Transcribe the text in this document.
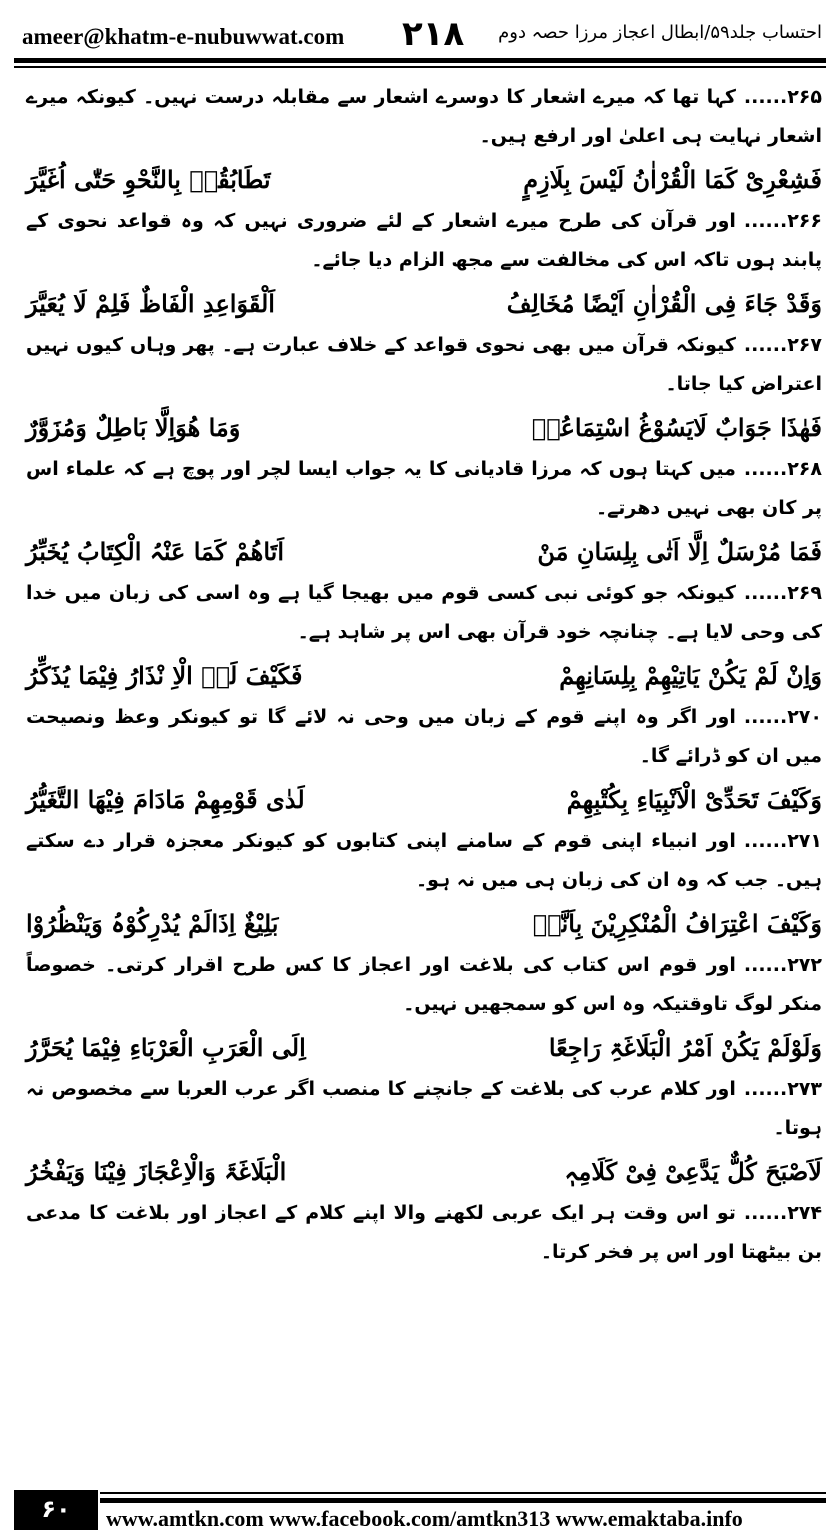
ameer@khatm-e-nubuwwat.com ۲۱۸ احتساب جلد۵۹/ابطال اعجاز مرزا حصہ دوم
۲۶۵......کہا تھا کہ میرے اشعار کا دوسرے اشعار سے مقابلہ درست نہیں۔ کیونکہ میرے اشعار نہایت ہی اعلیٰ اور ارفع ہیں۔
فَشِعْرِیْ کَمَا الْقُرْاٰنُ لَیْسَ بِلَازِمٍ
تَطَابُقُہٗ بِالنَّحْوِ حَتّٰی اُغَیَّرَ
۲۶۶......اور قرآن کی طرح میرے اشعار کے لئے ضروری نہیں کہ وہ قواعد نحوی کے پابند ہوں تاکہ اس کی مخالفت سے مجھ الزام دیا جائے۔
وَقَدْ جَاءَ فِی الْقُرْاٰنِ اَیْضًا مُخَالِفُ
اَلْقَوَاعِدِ الْفَاظٌ فَلِمْ لَا یُعَیَّرَ
۲۶۷......کیونکہ قرآن میں بھی نحوی قواعد کے خلاف عبارت ہے۔ پھر وہاں کیوں نہیں اعتراض کیا جاتا۔
فَھٰذَا جَوَابٌ لَایَسُوْغُ اسْتِمَاعُہٗ
وَمَا ھُوَاِلَّا بَاطِلٌ وَمُزَوَّرٌ
۲۶۸......میں کہتا ہوں کہ مرزا قادیانی کا یہ جواب ایسا لچر اور پوچ ہے کہ علماء اس پر کان بھی نہیں دھرتے۔
فَمَا مُرْسَلٌ اِلَّا اَتٰی بِلِسَانِ مَنْ
اَتَاھُمْ کَمَا عَنْہُ الْکِتَابُ یُخَبِّرُ
۲۶۹......کیونکہ جو کوئی نبی کسی قوم میں بھیجا گیا ہے وہ اسی کی زبان میں خدا کی وحی لایا ہے۔ چنانچہ خود قرآن بھی اس پر شاہد ہے۔
وَاِنْ لَمْ یَکُنْ یَاتِیْھِمْ بِلِسَانِھِمْ
فَکَیْفَ لَہٗ الْاِ نْذَارُ فِیْمَا یُذَکِّرُ
۲۷۰......اور اگر وہ اپنے قوم کے زبان میں وحی نہ لائے گا تو کیونکر وعظ ونصیحت میں ان کو ڈرائے گا۔
وَکَیْفَ تَحَدِّیْ الْاَنْبِیَاءِ بِکُتْبِھِمْ
لَدٰی قَوْمِھِمْ مَادَامَ فِیْھَا التَّغَیُّرُ
۲۷۱......اور انبیاء اپنی قوم کے سامنے اپنی کتابوں کو کیونکر معجزہ قرار دے سکتے ہیں۔ جب کہ وہ ان کی زبان ہی میں نہ ہو۔
وَکَیْفَ اعْتِرَافُ الْمُنْکِرِیْنَ بِاَنَّہٗ
بَلِیْغٌ اِذَالَمْ یُدْرِکُوْہُ وَیَنْظُرُوْا
۲۷۲......اور قوم اس کتاب کی بلاغت اور اعجاز کا کس طرح اقرار کرتی۔ خصوصاً منکر لوگ تاوقتیکہ وہ اس کو سمجھیں نہیں۔
وَلَوْلَمْ یَکُنْ اَمْرُ الْبَلَاغَۃِ رَاجِعًا
اِلَی الْعَرَبِ الْعَرْبَاءِ فِیْمَا یُحَرَّرُ
۲۷۳......اور کلام عرب کی بلاغت کے جانچنے کا منصب اگر عرب العربا سے مخصوص نہ ہوتا۔
لَاَصْبَحَ کُلٌّ یَدَّعِیْ فِیْ کَلَامِہٖ
الْبَلَاغَۃَ وَالْاِعْجَازَ فِیْنَا وَیَفْخُرُ
۲۷۴......تو اس وقت ہر ایک عربی لکھنے والا اپنے کلام کے اعجاز اور بلاغت کا مدعی بن بیٹھتا اور اس پر فخر کرتا۔
۶۰	www.amtkn.com www.facebook.com/amtkn313 www.emaktaba.info
